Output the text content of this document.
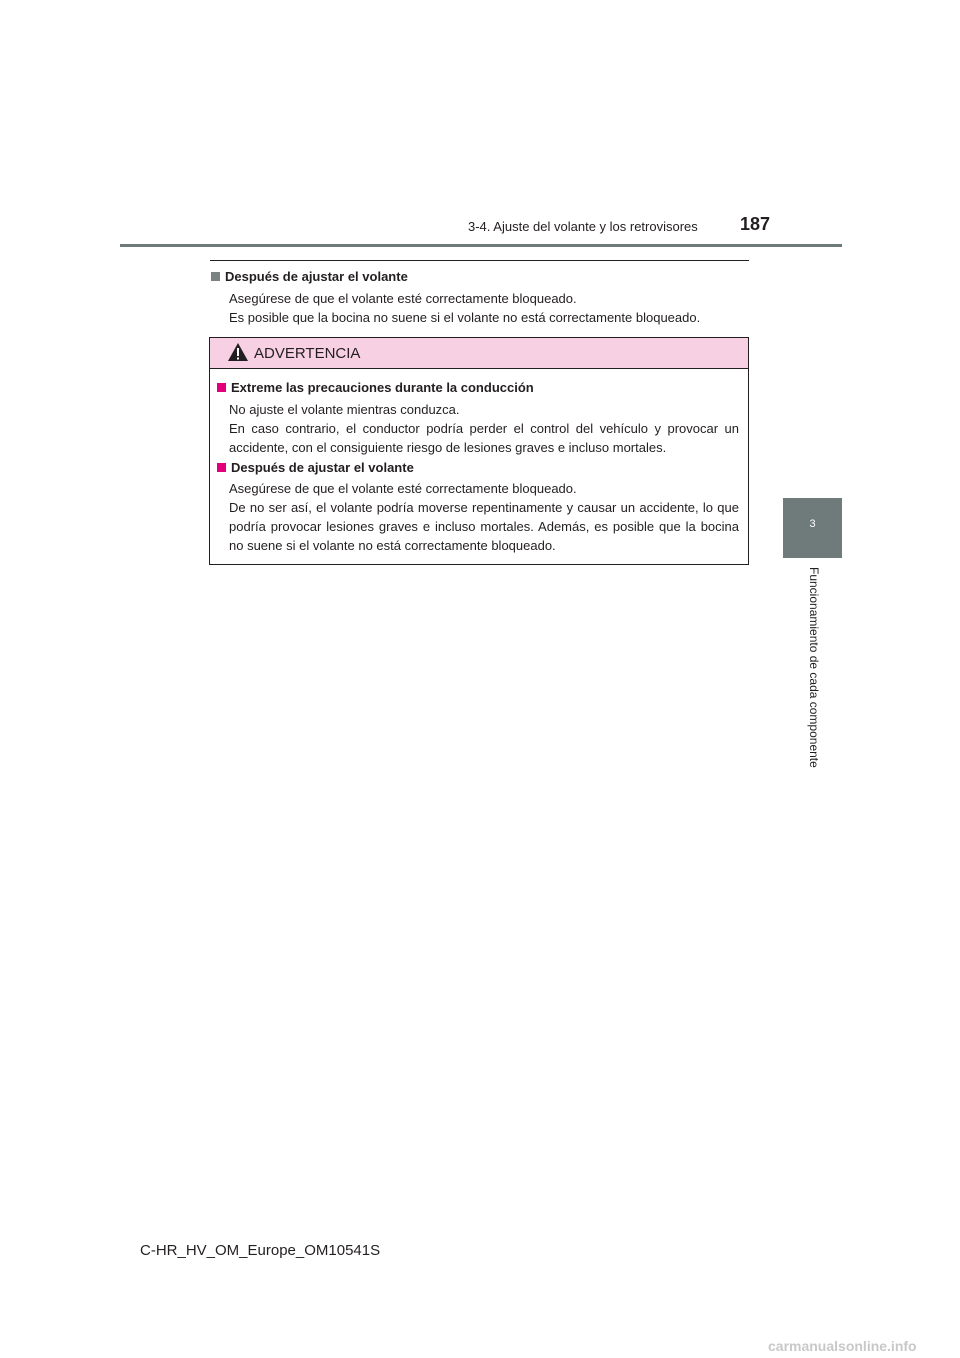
3-4. Ajuste del volante y los retrovisores 187
3
Funcionamiento de cada componente
Después de ajustar el volante

Asegúrese de que el volante esté correctamente bloqueado.

Es posible que la bocina no suene si el volante no está correctamente bloqueado.

ADVERTENCIA
Extreme las precauciones durante la conducción

No ajuste el volante mientras conduzca.

En caso contrario, el conductor podría perder el control del vehículo y provocar un accidente, con el consiguiente riesgo de lesiones graves e incluso mortales.

Después de ajustar el volante

Asegúrese de que el volante esté correctamente bloqueado.

De no ser así, el volante podría moverse repentinamente y causar un accidente, lo que podría provocar lesiones graves e incluso mortales. Además, es posible que la bocina no suene si el volante no está correctamente bloqueado.

C-HR_HV_OM_Europe_OM10541S
carmanualsonline.info
